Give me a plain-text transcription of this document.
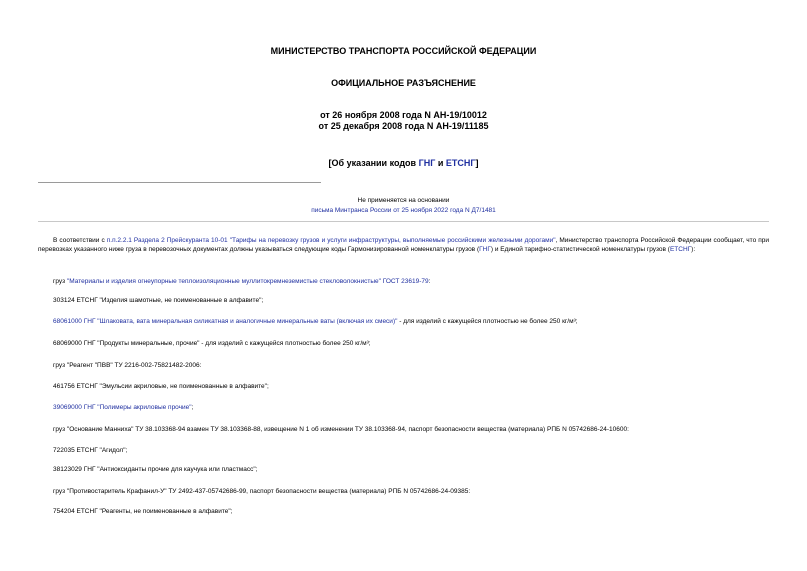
МИНИСТЕРСТВО ТРАНСПОРТА РОССИЙСКОЙ ФЕДЕРАЦИИ
ОФИЦИАЛЬНОЕ РАЗЪЯСНЕНИЕ
от 26 ноября 2008 года N АН-19/10012
от 25 декабря 2008 года N АН-19/11185
[Об указании кодов ГНГ и ЕТСНГ]
Не применяется на основании
письма Минтранса России от 25 ноября 2022 года N Д7/1481
В соответствии с п.п.2.2.1 Раздела 2 Прейскуранта 10-01 "Тарифы на перевозку грузов и услуги инфраструктуры, выполняемые российскими железными дорогами", Министерство транспорта Российской Федерации сообщает, что при перевозках указанного ниже груза в перевозочных документах должны указываться следующие коды Гармонизированной номенклатуры грузов (ГНГ) и Единой тарифно-статистической номенклатуры грузов (ЕТСНГ):
груз "Материалы и изделия огнеупорные теплоизоляционные муллитокремнеземистые стекловолокнистые" ГОСТ 23619-79:
303124 ЕТСНГ "Изделия шамотные, не поименованные в алфавите";
68061000 ГНГ "Шлаковата, вата минеральная силикатная и аналогичные минеральные ваты (включая их смеси)" - для изделий с кажущейся плотностью не более 250 кг/м³;
68069000 ГНГ "Продукты минеральные, прочие" - для изделий с кажущейся плотностью более 250 кг/м³;
груз "Реагент "ПВВ" ТУ 2216-002-75821482-2006:
461756 ЕТСНГ "Эмульсии акриловые, не поименованные в алфавите";
39069000 ГНГ "Полимеры акриловые прочие";
груз "Основание Манниха" ТУ 38.103368-94 взамен ТУ 38.103368-88, извещение N 1 об изменении ТУ 38.103368-94, паспорт безопасности вещества (материала) РПБ N 05742686-24-10600:
722035 ЕТСНГ "Агидол";
38123029 ГНГ "Антиоксиданты прочие для каучука или пластмасс";
груз "Противостаритель Крафанил-У" ТУ 2492-437-05742686-99, паспорт безопасности вещества (материала) РПБ N 05742686-24-09385:
754204 ЕТСНГ "Реагенты, не поименованные в алфавите";
